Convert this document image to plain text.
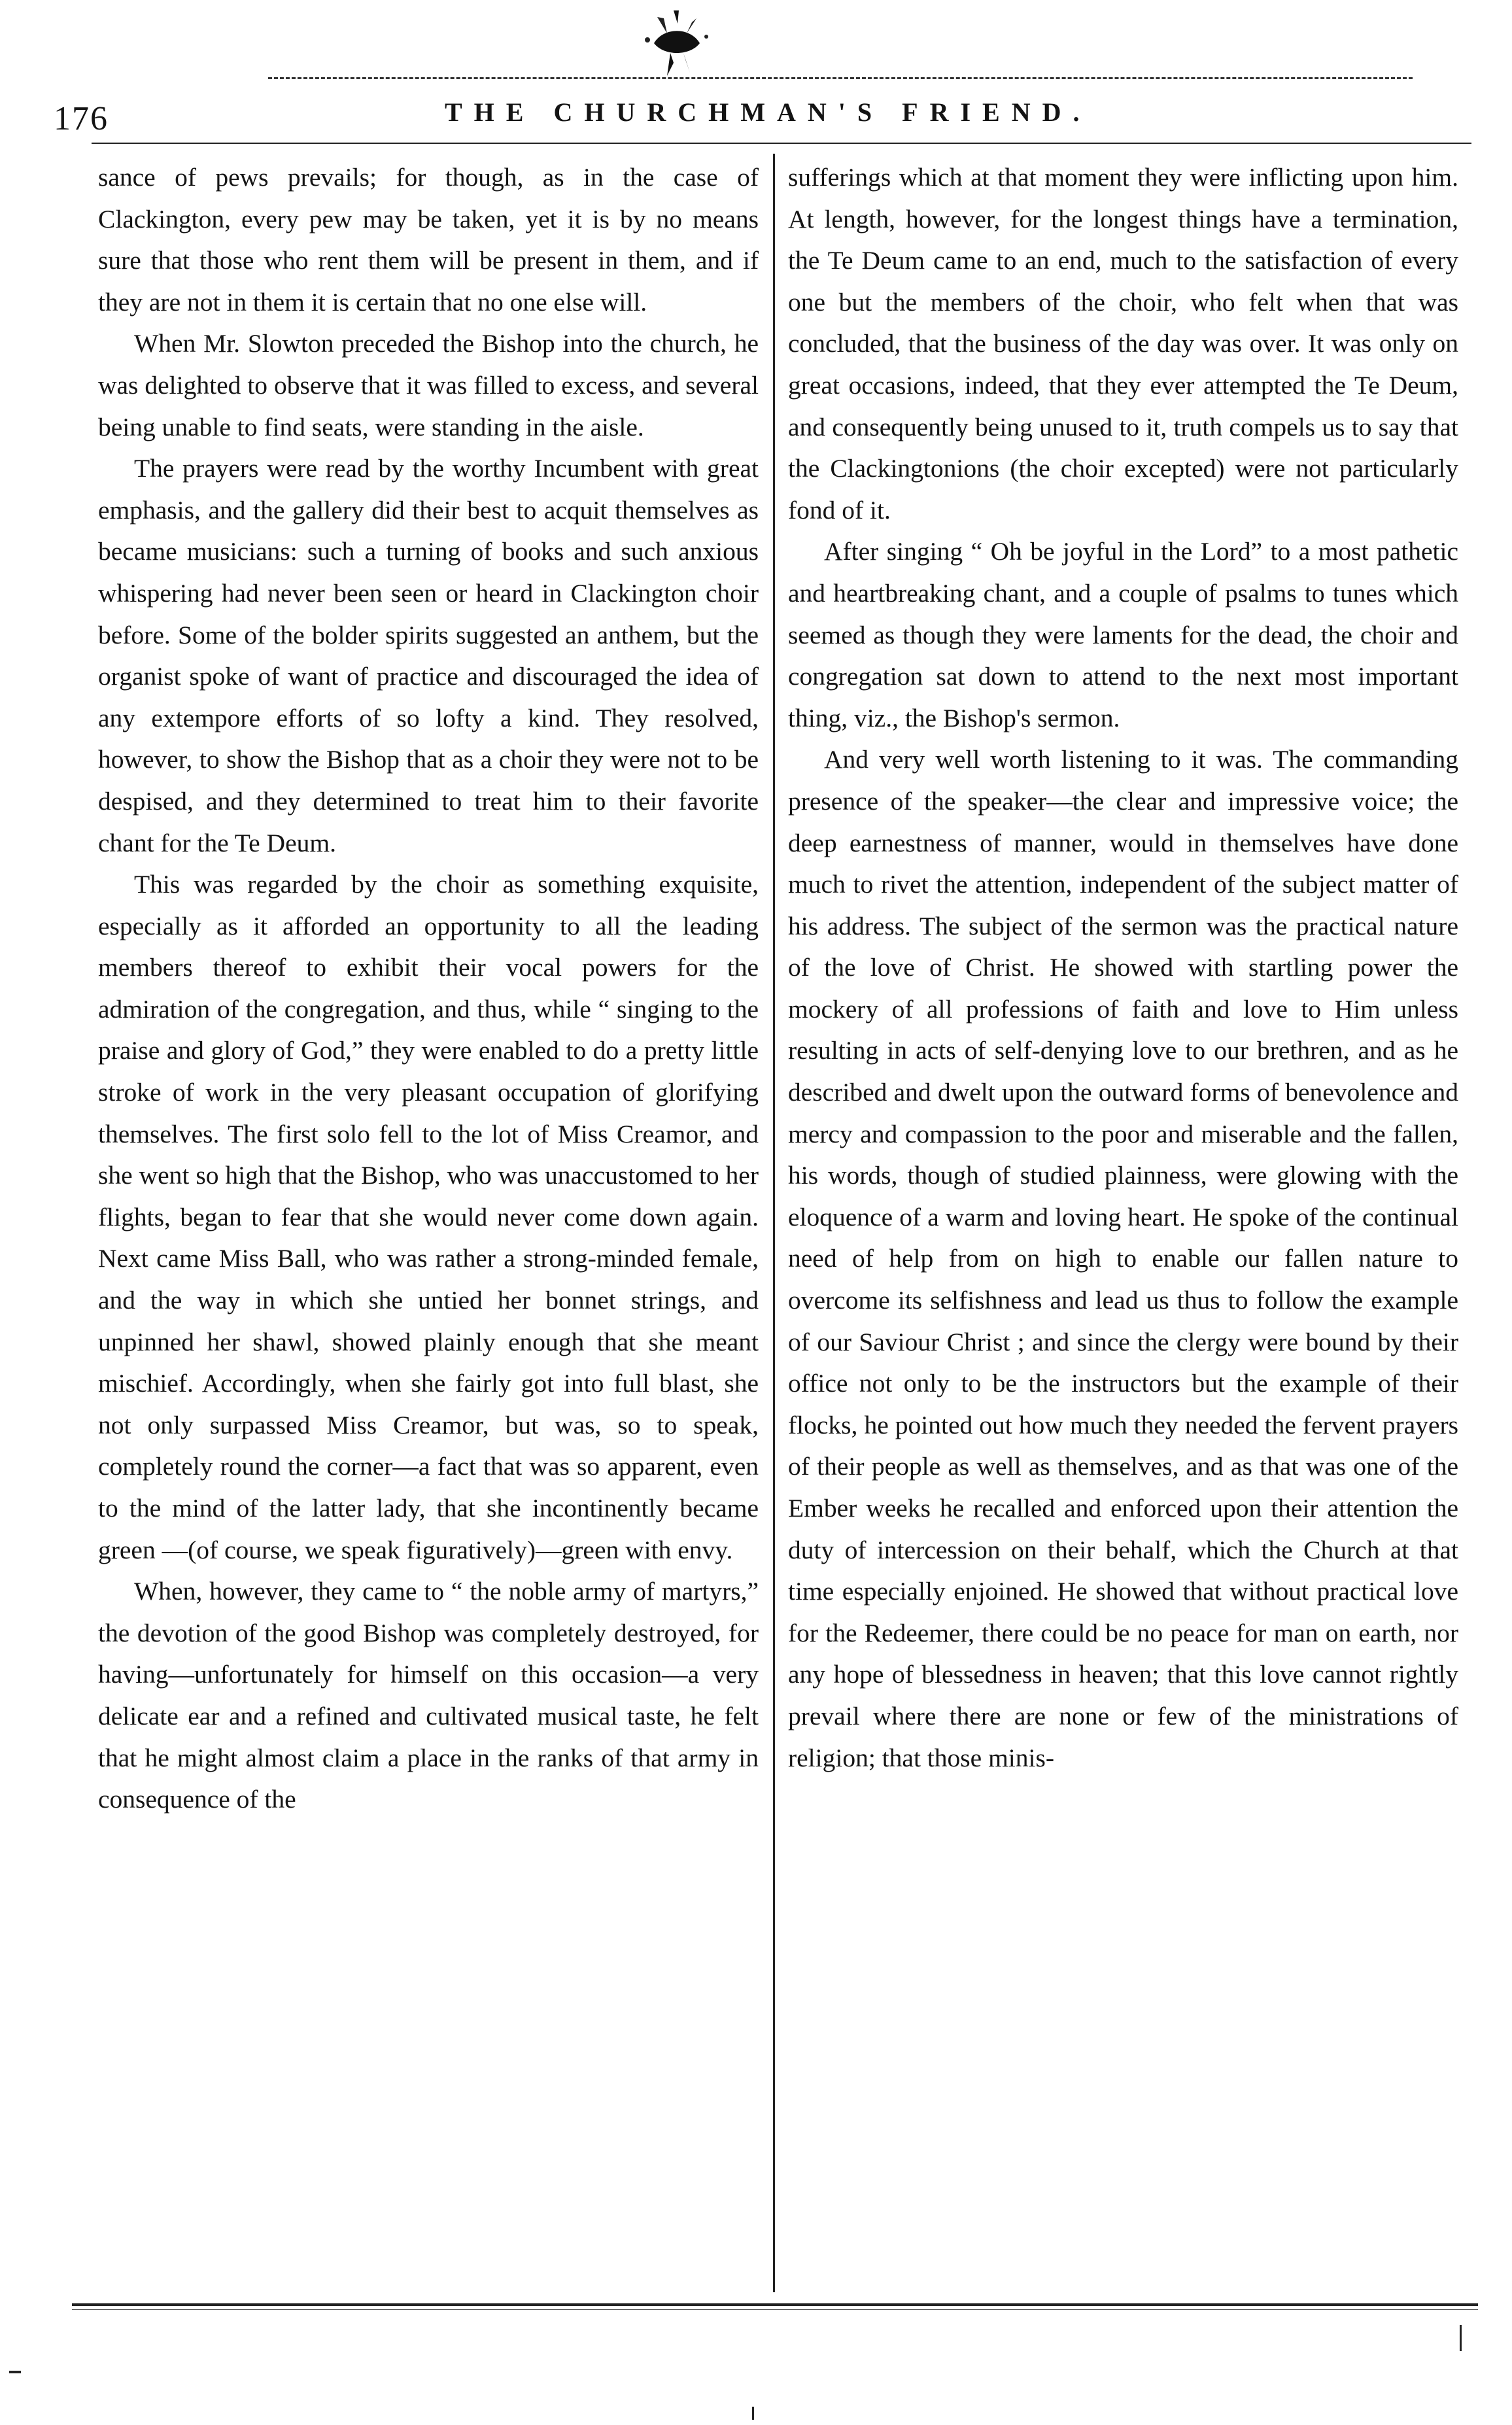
176	THE CHURCHMAN'S FRIEND.

sance of pews prevails; for though, as in the case of Clackington, every pew may be taken, yet it is by no means sure that those who rent them will be present in them, and if they are not in them it is certain that no one else will.

When Mr. Slowton preceded the Bishop into the church, he was delighted to observe that it was filled to excess, and several being unable to find seats, were standing in the aisle.

The prayers were read by the worthy Incumbent with great emphasis, and the gallery did their best to acquit themselves as became musicians: such a turning of books and such anxious whispering had never been seen or heard in Clackington choir before. Some of the bolder spirits suggested an anthem, but the organist spoke of want of practice and discouraged the idea of any extempore efforts of so lofty a kind. They resolved, however, to show the Bishop that as a choir they were not to be despised, and they determined to treat him to their favorite chant for the Te Deum.

This was regarded by the choir as something exquisite, especially as it afforded an opportunity to all the leading members thereof to exhibit their vocal powers for the admiration of the congregation, and thus, while “ singing to the praise and glory of God,” they were enabled to do a pretty little stroke of work in the very pleasant occupation of glorifying themselves. The first solo fell to the lot of Miss Creamor, and she went so high that the Bishop, who was unaccustomed to her flights, began to fear that she would never come down again. Next came Miss Ball, who was rather a strong-minded female, and the way in which she untied her bonnet strings, and unpinned her shawl, showed plainly enough that she meant mischief. Accordingly, when she fairly got into full blast, she not only surpassed Miss Creamor, but was, so to speak, completely round the corner—a fact that was so apparent, even to the mind of the latter lady, that she incontinently became green —(of course, we speak figuratively)—green with envy.

When, however, they came to “ the noble army of martyrs,” the devotion of the good Bishop was completely destroyed, for having—unfortunately for himself on this occasion—a very delicate ear and a refined and cultivated musical taste, he felt that he might almost claim a place in the ranks of that army in consequence of the

sufferings which at that moment they were inflicting upon him. At length, however, for the longest things have a termination, the Te Deum came to an end, much to the satisfaction of every one but the members of the choir, who felt when that was concluded, that the business of the day was over. It was only on great occasions, indeed, that they ever attempted the Te Deum, and consequently being unused to it, truth compels us to say that the Clackingtonions (the choir excepted) were not particularly fond of it.

After singing “ Oh be joyful in the Lord” to a most pathetic and heartbreaking chant, and a couple of psalms to tunes which seemed as though they were laments for the dead, the choir and congregation sat down to attend to the next most important thing, viz., the Bishop's sermon.

And very well worth listening to it was. The commanding presence of the speaker—the clear and impressive voice; the deep earnestness of manner, would in themselves have done much to rivet the attention, independent of the subject matter of his address. The subject of the sermon was the practical nature of the love of Christ. He showed with startling power the mockery of all professions of faith and love to Him unless resulting in acts of self-denying love to our brethren, and as he described and dwelt upon the outward forms of benevolence and mercy and compassion to the poor and miserable and the fallen, his words, though of studied plainness, were glowing with the eloquence of a warm and loving heart. He spoke of the continual need of help from on high to enable our fallen nature to overcome its selfishness and lead us thus to follow the example of our Saviour Christ ; and since the clergy were bound by their office not only to be the instructors but the example of their flocks, he pointed out how much they needed the fervent prayers of their people as well as themselves, and as that was one of the Ember weeks he recalled and enforced upon their attention the duty of intercession on their behalf, which the Church at that time especially enjoined. He showed that without practical love for the Redeemer, there could be no peace for man on earth, nor any hope of blessedness in heaven; that this love cannot rightly prevail where there are none or few of the ministrations of religion; that those minis-
